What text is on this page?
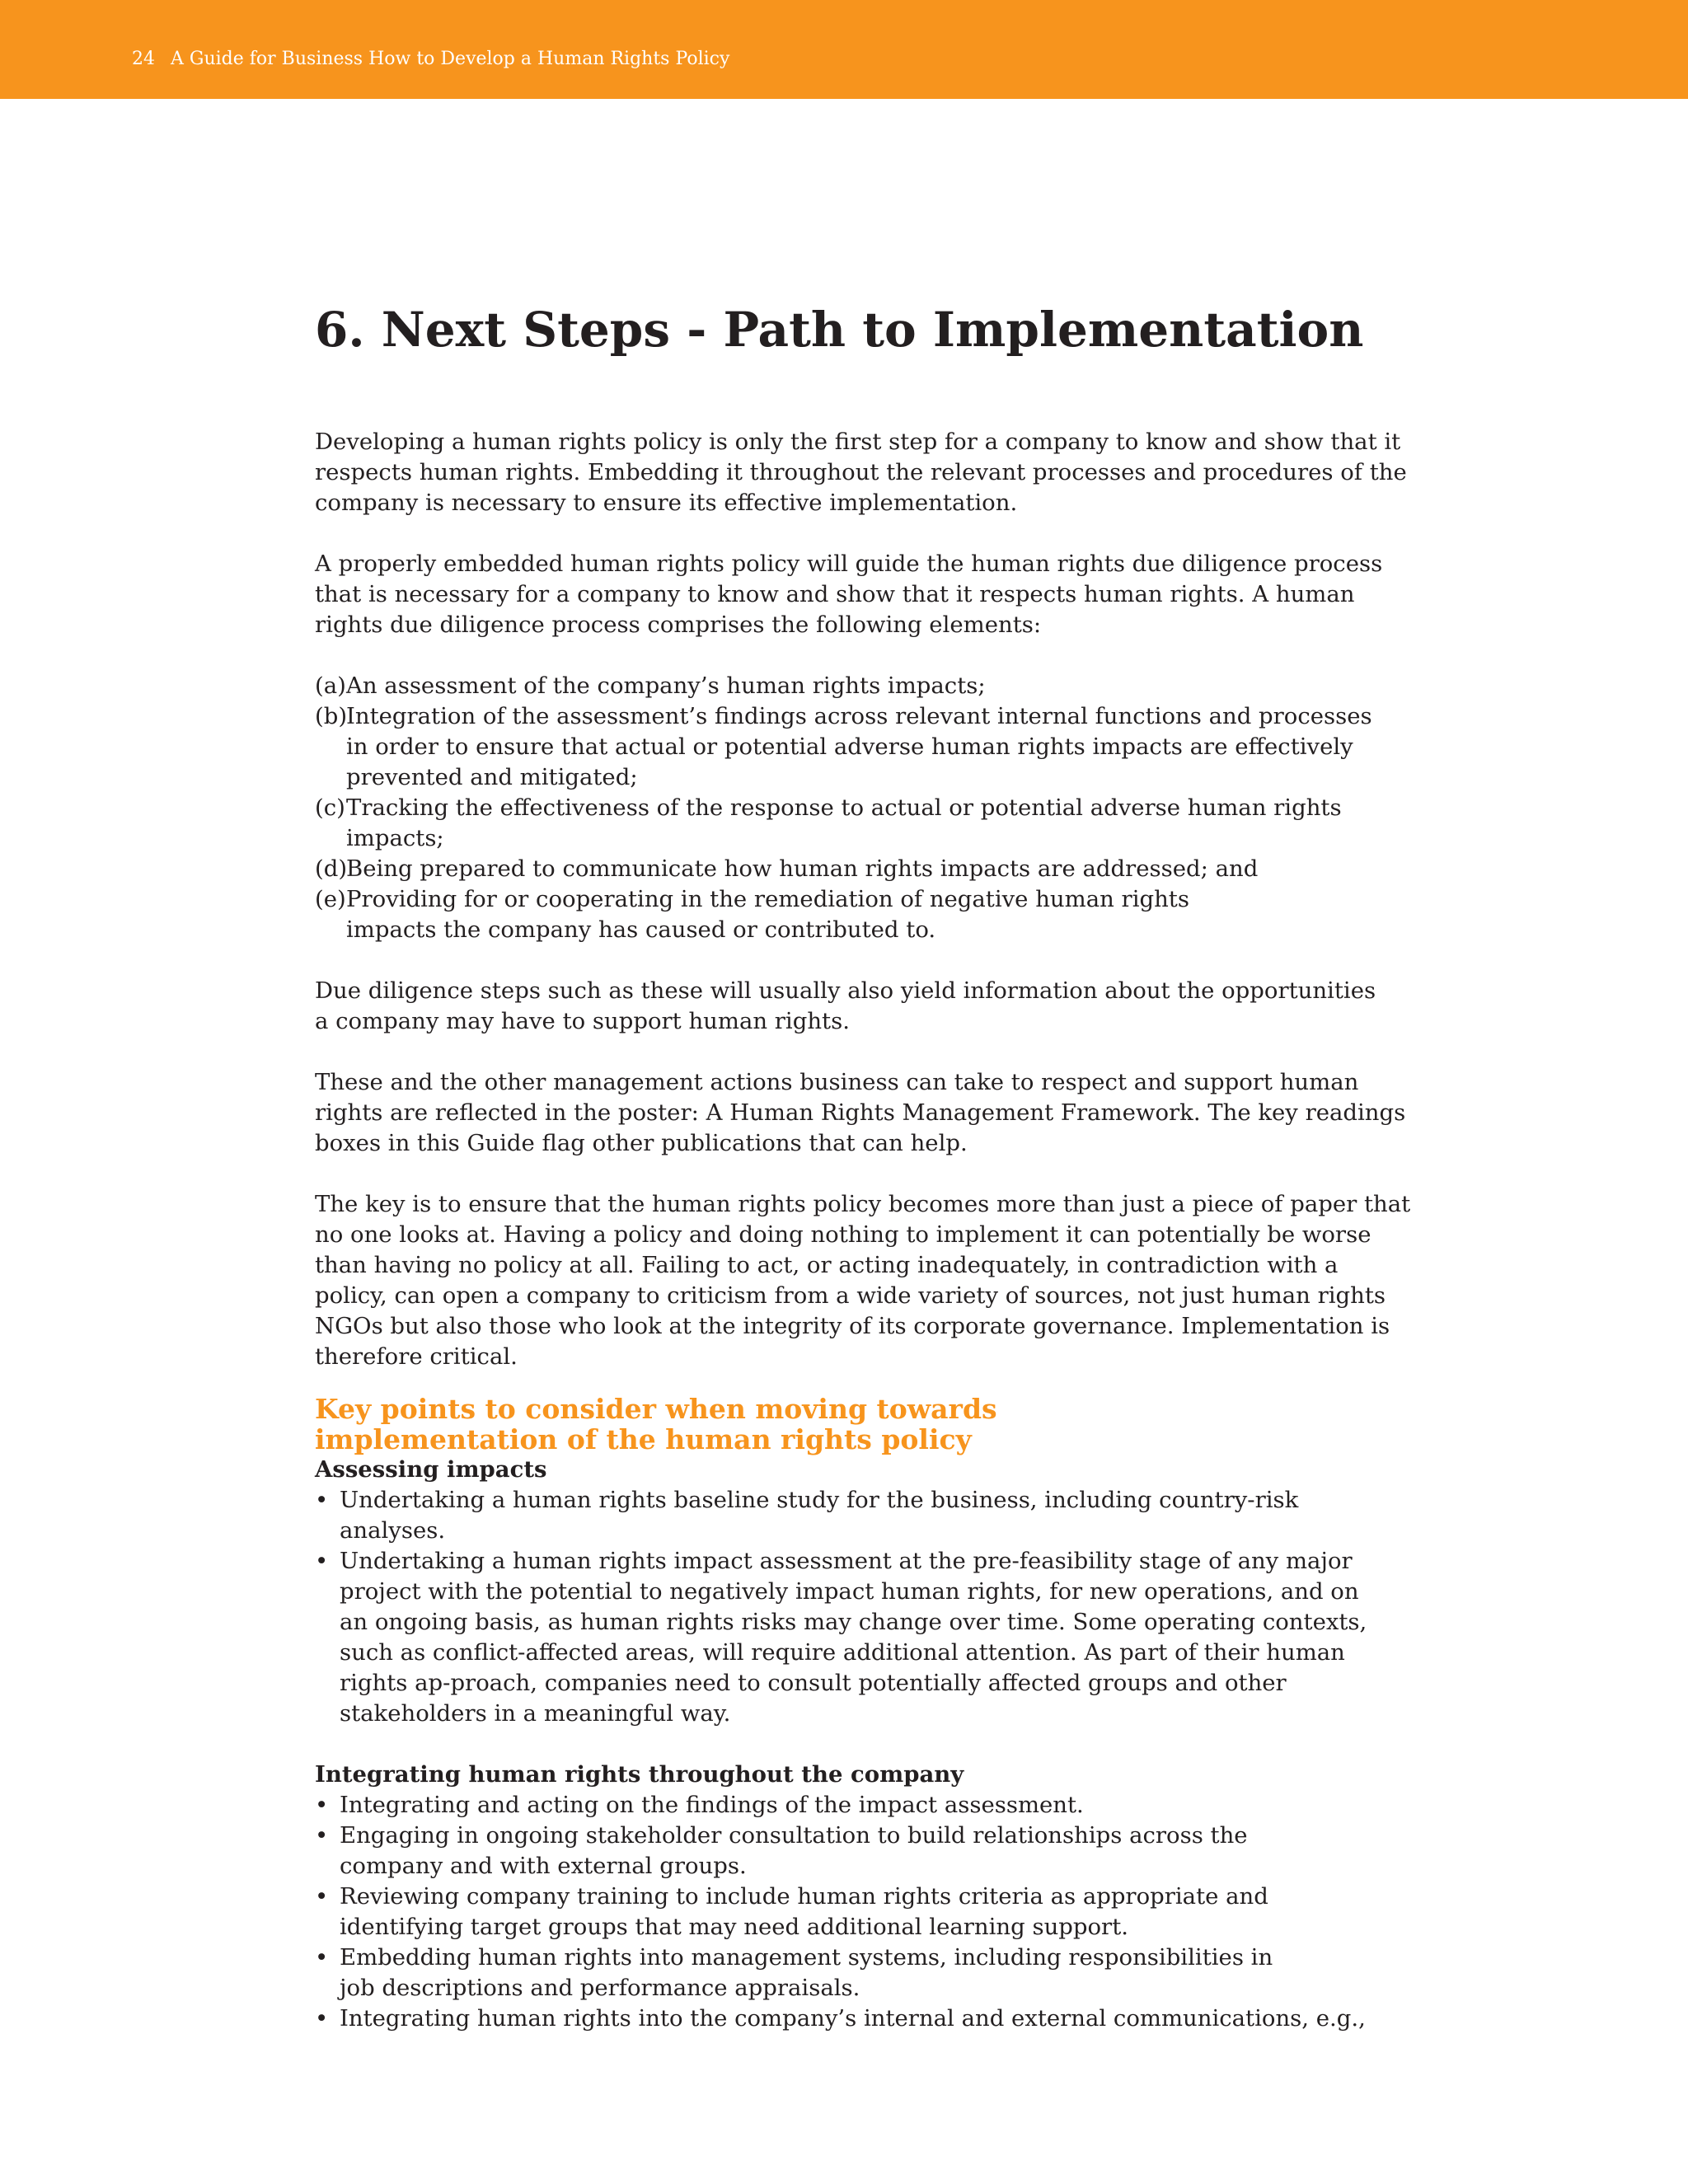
24 A Guide for Business How to Develop a Human Rights Policy
6. Next Steps - Path to Implementation

Developing a human rights policy is only the first step for a company to know and show that it respects human rights. Embedding it throughout the relevant processes and procedures of the company is necessary to ensure its effective implementation.

A properly embedded human rights policy will guide the human rights due diligence process that is necessary for a company to know and show that it respects human rights. A human rights due diligence process comprises the following elements:

(a) An assessment of the company’s human rights impacts;
(b)
Integration of the assessment’s findings across relevant internal functions and processes in order to ensure that actual or potential adverse human rights impacts are effectively prevented and mitigated;
(c) Tracking the effectiveness of the response to actual or potential adverse human rights impacts;
(d)
Being prepared to communicate how human rights impacts are addressed; and
(e) Providing for or cooperating in the remediation of negative human rights impacts the company has caused or contributed to.

Due diligence steps such as these will usually also yield information about the opportunities a company may have to support human rights.

These and the other management actions business can take to respect and support human rights are reflected in the poster: A Human Rights Management Framework. The key readings boxes in this Guide flag other publications that can help.

The key is to ensure that the human rights policy becomes more than just a piece of paper that no one looks at. Having a policy and doing nothing to implement it can potentially be worse than having no policy at all. Failing to act, or acting inadequately, in contradiction with a policy, can open a company to criticism from a wide variety of sources, not just human rights NGOs but also those who look at the integrity of its corporate governance. Implementation is therefore critical.

Key points to consider when moving towards
implementation of the human rights policy
Assessing impacts
• Undertaking a human rights baseline study for the business, including country-risk analyses.
• Undertaking a human rights impact assessment at the pre-feasibility stage of any major project with the potential to negatively impact human rights, for new operations, and on an ongoing basis, as human rights risks may change over time. Some operating contexts, such as conflict-affected areas, will require additional attention. As part of their human rights ap-proach, companies need to consult potentially affected groups and other stakeholders in a meaningful way.
Integrating human rights throughout the company
• Integrating and acting on the findings of the impact assessment.
• Engaging in ongoing stakeholder consultation to build relationships across the company and with external groups.
• Reviewing company training to include human rights criteria as appropriate and identifying target groups that may need additional learning support.
• Embedding human rights into management systems, including responsibilities in job descriptions and performance appraisals.
• Integrating human rights into the company’s internal and external communications, e.g.,
